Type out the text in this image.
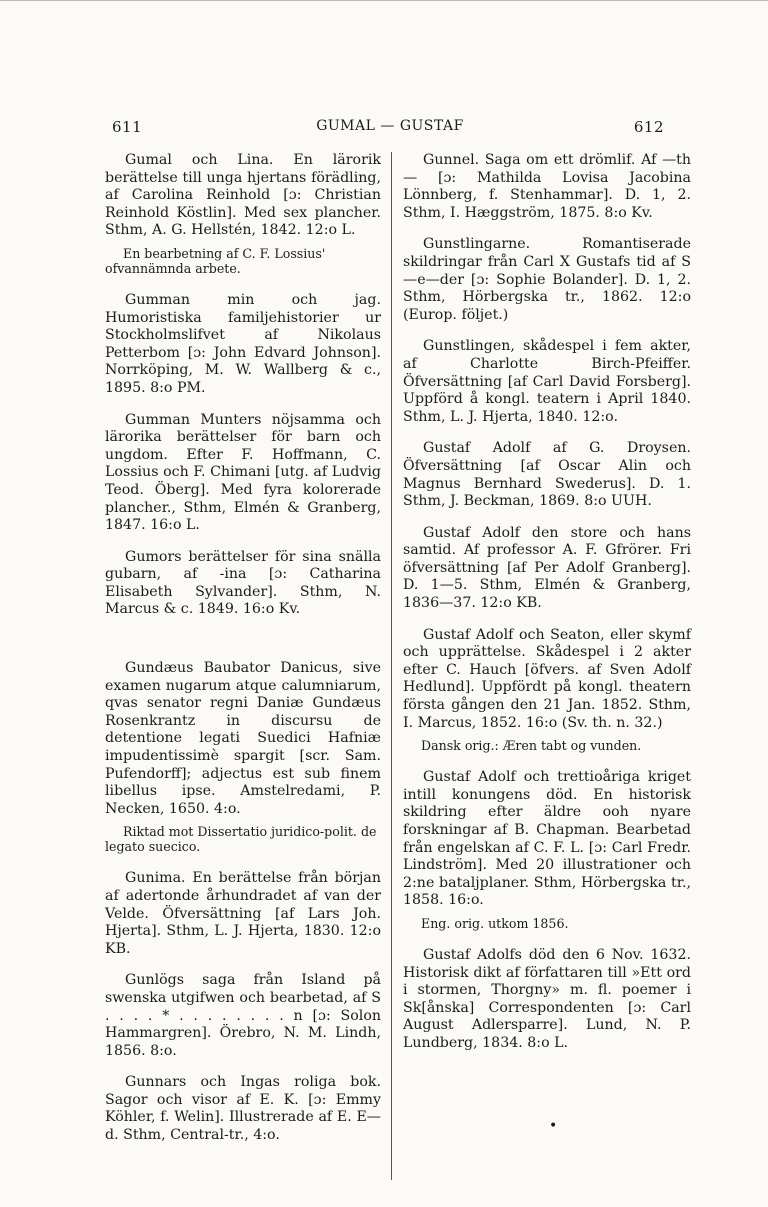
611	GUMAL — GUSTAF	612

Gumal och Lina. En lärorik berättelse till unga hjertans förädling, af Carolina Reinhold [ɔ: Christian Reinhold Köstlin]. Med sex plancher. Sthm, A. G. Hellstén, 1842. 12:o L.

En bearbetning af C. F. Lossius' ofvannämnda arbete.

Gumman min och jag. Humoristiska familjehistorier ur Stockholmslifvet af Nikolaus Petterbom [ɔ: John Edvard Johnson]. Norrköping, M. W. Wallberg & c., 1895. 8:o PM.

Gumman Munters nöjsamma och lärorika berättelser för barn och ungdom. Efter F. Hoffmann, C. Lossius och F. Chimani [utg. af Ludvig Teod. Öberg]. Med fyra kolorerade plancher., Sthm, Elmén & Granberg, 1847. 16:o L.

Gumors berättelser för sina snälla gubarn, af -ina [ɔ: Catharina Elisabeth Sylvander]. Sthm, N. Marcus & c. 1849. 16:o Kv.

Gundæus Baubator Danicus, sive examen nugarum atque calumniarum, qvas senator regni Daniæ Gundæus Rosenkrantz in discursu de detentione legati Suedici Hafniæ impudentissimè spargit [scr. Sam. Pufendorff]; adjectus est sub finem libellus ipse. Amstelredami, P. Necken, 1650. 4:o.

Riktad mot Dissertatio juridico-polit. de legato suecico.

Gunima. En berättelse från början af adertonde århundradet af van der Velde. Öfversättning [af Lars Joh. Hjerta]. Sthm, L. J. Hjerta, 1830. 12:o KB.

Gunlögs saga från Island på swenska utgifwen och bearbetad, af S . . . . * . . . . . . . . n [ɔ: Solon Hammargren]. Örebro, N. M. Lindh, 1856. 8:o.

Gunnars och Ingas roliga bok. Sagor och visor af E. K. [ɔ: Emmy Köhler, f. Welin]. Illustrerade af E. E—d. Sthm, Central-tr., 4:o.

Gunnel. Saga om ett drömlif. Af —th— [ɔ: Mathilda Lovisa Jacobina Lönnberg, f. Stenhammar]. D. 1, 2. Sthm, I. Hæggström, 1875. 8:o Kv.

Gunstlingarne. Romantiserade skildringar från Carl X Gustafs tid af S—e—der [ɔ: Sophie Bolander]. D. 1, 2. Sthm, Hörbergska tr., 1862. 12:o (Europ. följet.)

Gunstlingen, skådespel i fem akter, af Charlotte Birch-Pfeiffer. Öfversättning [af Carl David Forsberg]. Uppförd å kongl. teatern i April 1840. Sthm, L. J. Hjerta, 1840. 12:o.

Gustaf Adolf af G. Droysen. Öfversättning [af Oscar Alin och Magnus Bernhard Swederus]. D. 1. Sthm, J. Beckman, 1869. 8:o UUH.

Gustaf Adolf den store och hans samtid. Af professor A. F. Gfrörer. Fri öfversättning [af Per Adolf Granberg]. D. 1—5. Sthm, Elmén & Granberg, 1836—37. 12:o KB.

Gustaf Adolf och Seaton, eller skymf och upprättelse. Skådespel i 2 akter efter C. Hauch [öfvers. af Sven Adolf Hedlund]. Uppfördt på kongl. theatern första gången den 21 Jan. 1852. Sthm, I. Marcus, 1852. 16:o (Sv. th. n. 32.)

Dansk orig.: Æren tabt og vunden.

Gustaf Adolf och trettioåriga kriget intill konungens död. En historisk skildring efter äldre ooh nyare forskningar af B. Chapman. Bearbetad från engelskan af C. F. L. [ɔ: Carl Fredr. Lindström]. Med 20 illustrationer och 2:ne bataljplaner. Sthm, Hörbergska tr., 1858. 16:o.

Eng. orig. utkom 1856.

Gustaf Adolfs död den 6 Nov. 1632. Historisk dikt af författaren till »Ett ord i stormen, Thorgny» m. fl. poemer i Sk[ånska] Correspondenten [ɔ: Carl August Adlersparre]. Lund, N. P. Lundberg, 1834. 8:o L.

•
